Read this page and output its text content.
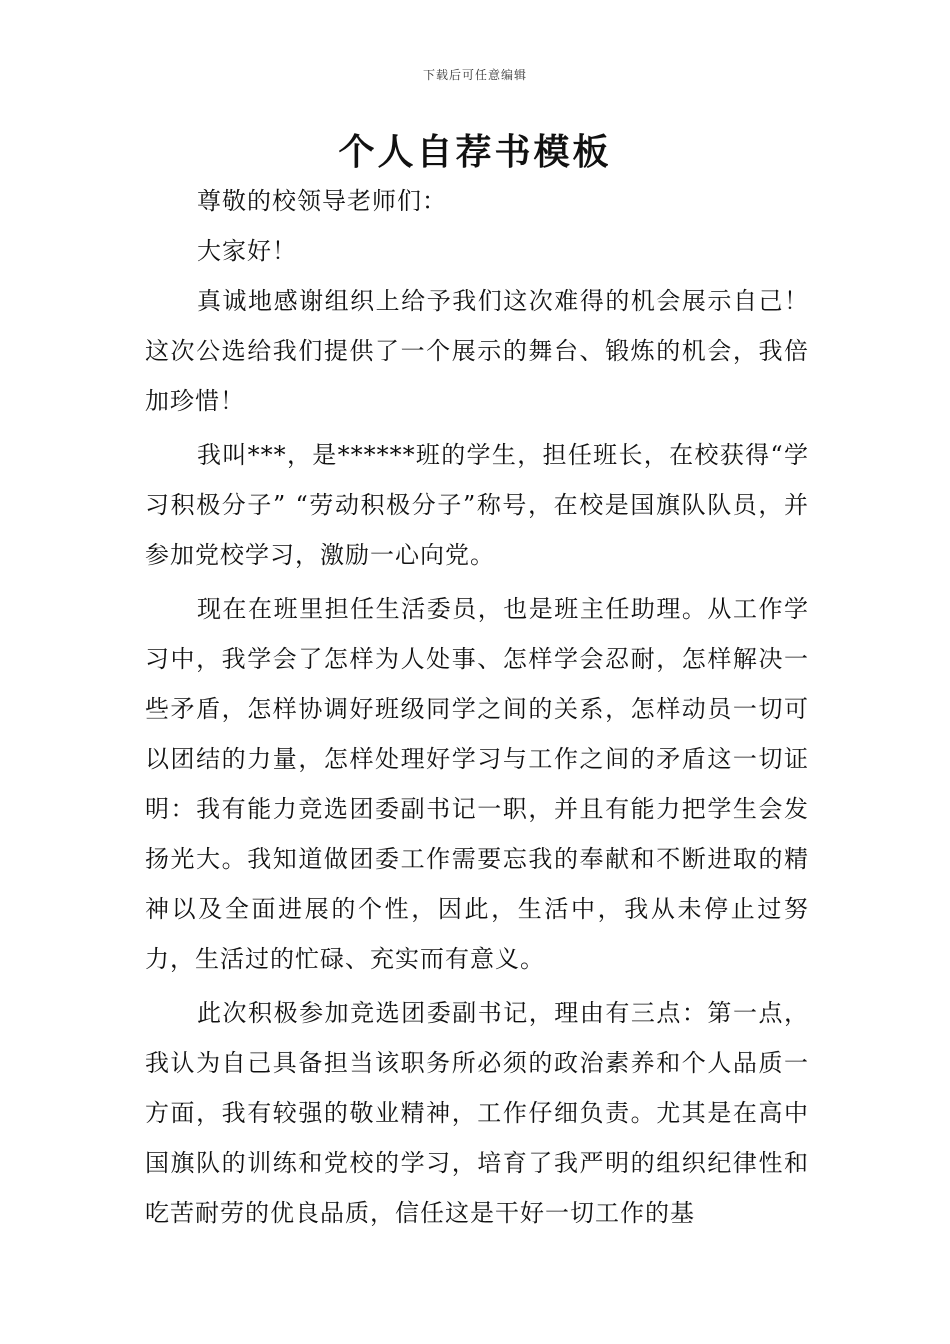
下载后可任意编辑
个人自荐书模板

尊敬的校领导老师们：

大家好！

真诚地感谢组织上给予我们这次难得的机会展示自己！这次公选给我们提供了一个展示的舞台、锻炼的机会，我倍加珍惜！

我叫***，是******班的学生，担任班长，在校获得“学习积极分子” “劳动积极分子”称号，在校是国旗队队员，并参加党校学习，激励一心向党。

现在在班里担任生活委员，也是班主任助理。从工作学习中，我学会了怎样为人处事、怎样学会忍耐，怎样解决一些矛盾，怎样协调好班级同学之间的关系，怎样动员一切可以团结的力量，怎样处理好学习与工作之间的矛盾这一切证明：我有能力竞选团委副书记一职，并且有能力把学生会发扬光大。我知道做团委工作需要忘我的奉献和不断进取的精神以及全面进展的个性，因此，生活中，我从未停止过努力，生活过的忙碌、充实而有意义。

此次积极参加竞选团委副书记，理由有三点：第一点，我认为自己具备担当该职务所必须的政治素养和个人品质一方面，我有较强的敬业精神，工作仔细负责。尤其是在高中国旗队的训练和党校的学习，培育了我严明的组织纪律性和吃苦耐劳的优良品质，信任这是干好一切工作的基
